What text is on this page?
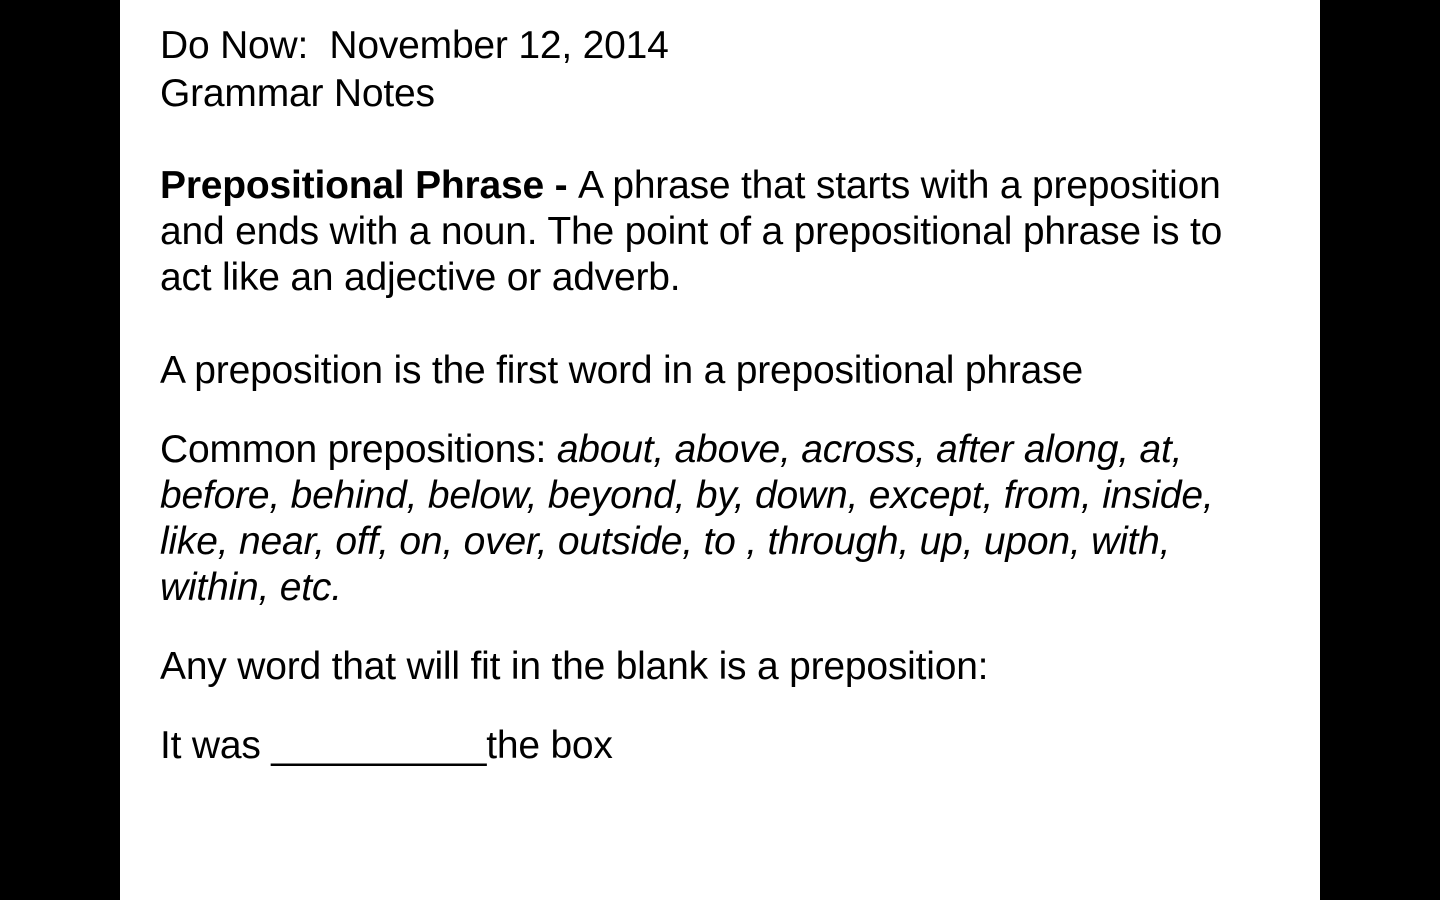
Do Now:  November 12, 2014

Grammar Notes

Prepositional Phrase - A phrase that starts with a preposition and ends with a noun. The point of a prepositional phrase is to act like an adjective or adverb.

A preposition is the first word in a prepositional phrase

Common prepositions: about, above, across, after along, at, before, behind, below, beyond, by, down, except, from, inside, like, near, off, on, over, outside, to , through, up, upon, with, within, etc.

Any word that will fit in the blank is a preposition:

It was __________the box
